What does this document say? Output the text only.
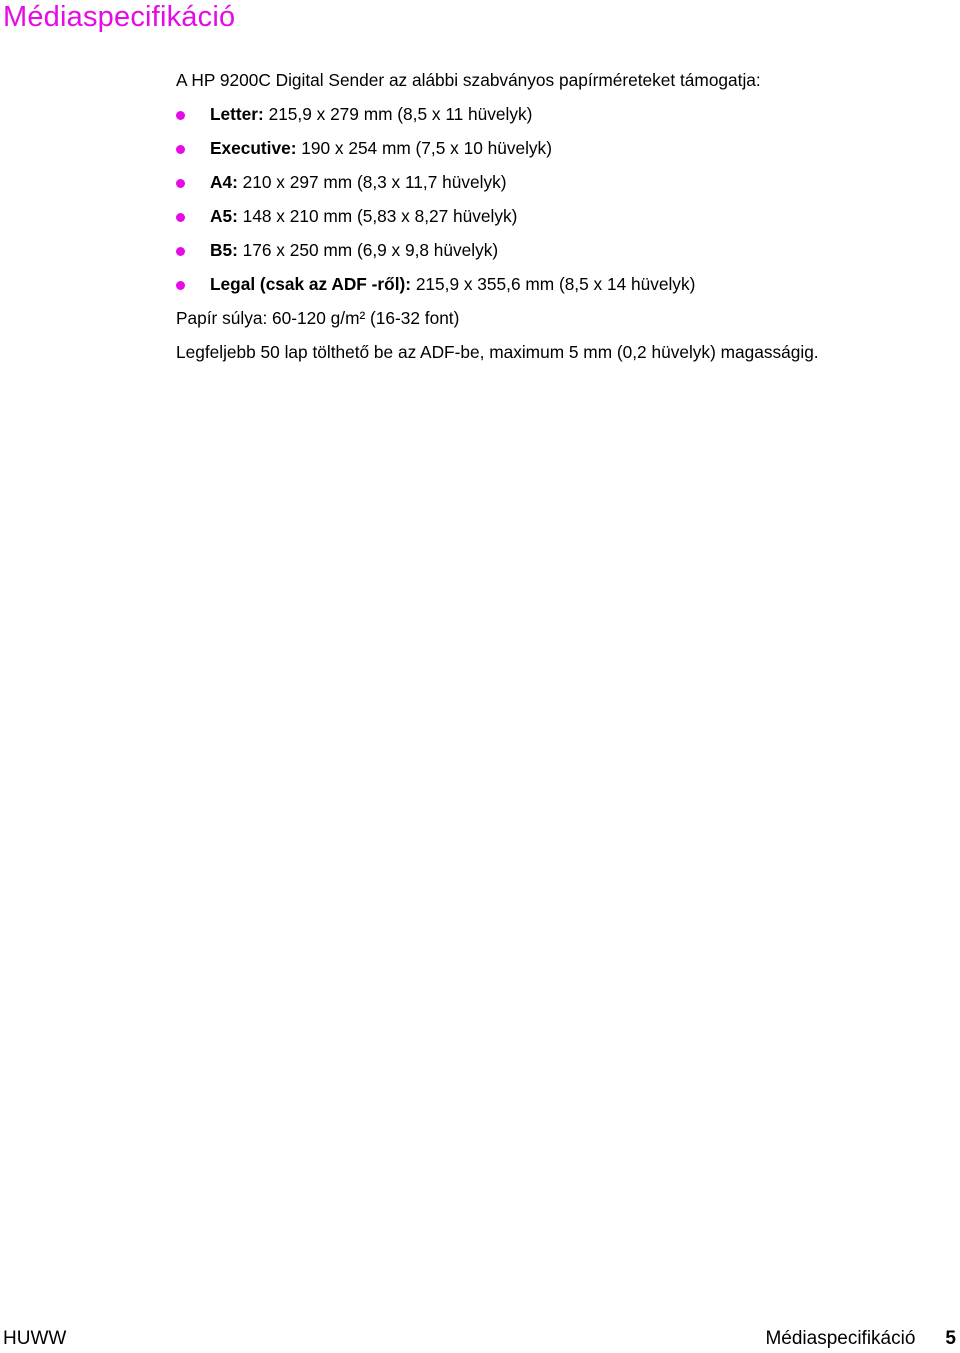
Médiaspecifikáció

A HP 9200C Digital Sender az alábbi szabványos papírméreteket támogatja:

Letter: 215,9 x 279 mm (8,5 x 11 hüvelyk)
Executive: 190 x 254 mm (7,5 x 10 hüvelyk)
A4: 210 x 297 mm (8,3 x 11,7 hüvelyk)
A5: 148 x 210 mm (5,83 x 8,27 hüvelyk)
B5: 176 x 250 mm (6,9 x 9,8 hüvelyk)
Legal (csak az ADF -ről): 215,9 x 355,6 mm (8,5 x 14 hüvelyk)

Papír súlya: 60-120 g/m² (16-32 font)

Legfeljebb 50 lap tölthető be az ADF-be, maximum 5 mm (0,2 hüvelyk) magasságig.

HUWW	Médiaspecifikáció 5
